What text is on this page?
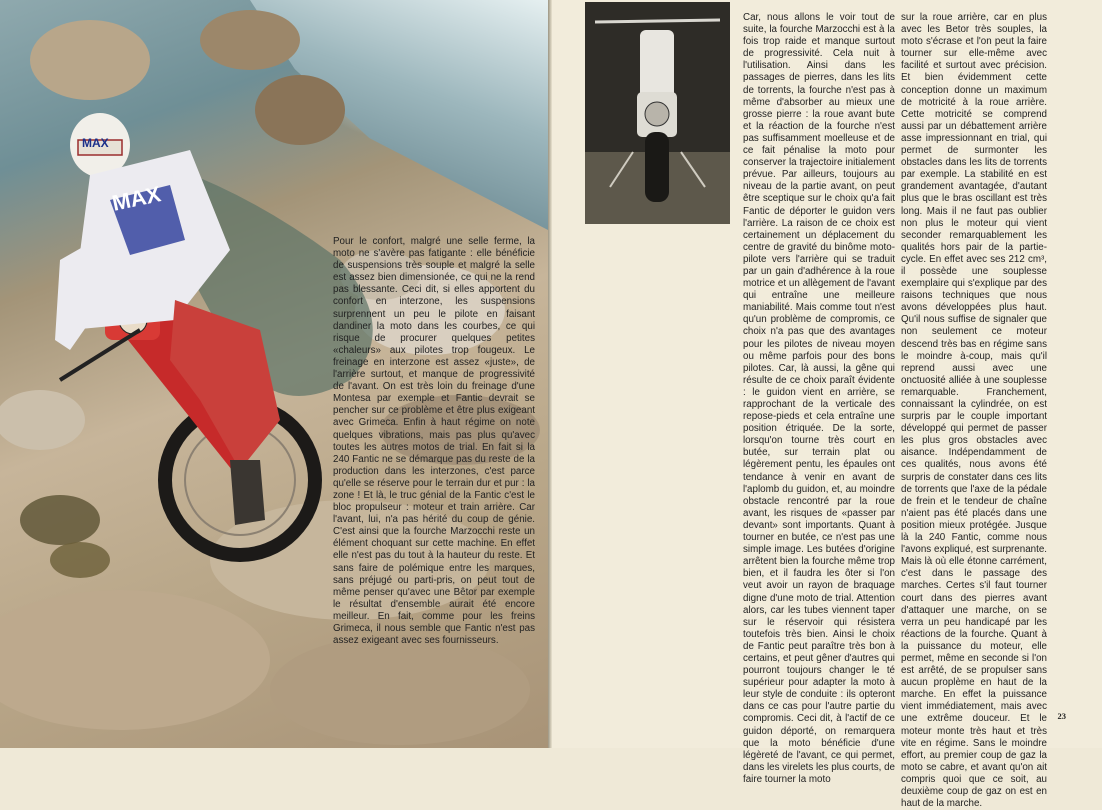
MAX
MAX

Pour le confort, malgré une selle ferme, la moto ne s'avère pas fatigante : elle bénéficie de suspensions très souple et malgré la selle est assez bien dimensionée, ce qui ne la rend pas blessante. Ceci dit, si elles apportent du confort en interzone, les suspensions surprennent un peu le pilote en faisant dandiner la moto dans les courbes, ce qui risque de procurer quelques petites «chaleurs» aux pilotes trop fougeux. Le freinage en interzone est assez «juste», de l'arrière surtout, et manque de progressivité de l'avant. On est très loin du freinage d'une Montesa par exemple et Fantic devrait se pencher sur ce problème et être plus exigeant avec Grimeca. Enfin à haut régime on note quelques vibrations, mais pas plus qu'avec toutes les autres motos de trial. En fait si la 240 Fantic ne se démarque pas du reste de la production dans les interzones, c'est parce qu'elle se réserve pour le terrain dur et pur : la zone ! Et là, le truc génial de la Fantic c'est le bloc propulseur : moteur et train arrière. Car l'avant, lui, n'a pas hérité du coup de génie. C'est ainsi que la fourche Marzocchi reste un élément choquant sur cette machine. En effet elle n'est pas du tout à la hauteur du reste. Et sans faire de polémique entre les marques, sans préjugé ou parti-pris, on peut tout de même penser qu'avec une Bêtor par exemple le résultat d'ensemble aurait été encore meilleur. En fait, comme pour les freins Grimeca, il nous semble que Fantic n'est pas assez exigeant avec ses fournisseurs.

Car, nous allons le voir tout de suite, la fourche Marzocchi est à la fois trop raide et manque surtout de progressivité. Cela nuit à l'utilisation. Ainsi dans les passages de pierres, dans les lits de torrents, la fourche n'est pas à même d'absorber au mieux une grosse pierre : la roue avant bute et la réaction de la fourche n'est pas suffisamment moelleuse et de ce fait pénalise la moto pour conserver la trajectoire initialement prévue. Par ailleurs, toujours au niveau de la partie avant, on peut être sceptique sur le choix qu'a fait Fantic de déporter le guidon vers l'arrière. La raison de ce choix est certainement un déplacement du centre de gravité du binôme moto-pilote vers l'arrière qui se traduit par un gain d'adhérence à la roue motrice et un allègement de l'avant qui entraîne une meilleure maniabilité. Mais comme tout n'est qu'un problème de compromis, ce choix n'a pas que des avantages pour les pilotes de niveau moyen ou même parfois pour des bons pilotes. Car, là aussi, la gêne qui résulte de ce choix paraît évidente : le guidon vient en arrière, se rapprochant de la verticale des repose-pieds et cela entraîne une position étriquée. De la sorte, lorsqu'on tourne très court en butée, sur terrain plat ou légèrement pentu, les épaules ont tendance à venir en avant de l'aplomb du guidon, et, au moindre obstacle rencontré par la roue avant, les risques de «passer par devant» sont importants. Quant à tourner en butée, ce n'est pas une simple image. Les butées d'origine arrêtent bien la fourche même trop bien, et il faudra les ôter si l'on veut avoir un rayon de braquage digne d'une moto de trial. Attention alors, car les tubes viennent taper sur le réservoir qui résistera toutefois très bien. Ainsi le choix de Fantic peut paraître très bon à certains, et peut gêner d'autres qui pourront toujours changer le té supérieur pour adapter la moto à leur style de conduite : ils opteront dans ce cas pour l'autre partie du compromis. Ceci dit, à l'actif de ce guidon déporté, on remarquera que la moto bénéficie d'une légèreté de l'avant, ce qui permet, dans les virelets les plus courts, de faire tourner la moto

sur la roue arrière, car en plus avec les Betor très souples, la moto s'écrase et l'on peut la faire tourner sur elle-même avec facilité et surtout avec précision. Et bien évidemment cette conception donne un maximum de motricité à la roue arrière. Cette motricité se comprend aussi par un débattement arrière asse impressionnant en trial, qui permet de surmonter les obstacles dans les lits de torrents par exemple. La stabilité en est grandement avantagée, d'autant plus que le bras oscillant est très long. Mais il ne faut pas oublier non plus le moteur qui vient seconder remarquablement les qualités hors pair de la partie-cycle. En effet avec ses 212 cm³, il possède une souplesse exemplaire qui s'explique par des raisons techniques que nous avons développées plus haut. Qu'il nous suffise de signaler que non seulement ce moteur descend très bas en régime sans le moindre à-coup, mais qu'il reprend aussi avec une onctuosité alliée à une souplesse remarquable. Franchement, connaissant la cylindrée, on est surpris par le couple important développé qui permet de passer les plus gros obstacles avec aisance. Indépendamment de ces qualités, nous avons été surpris de constater dans ces lits de torrents que l'axe de la pédale de frein et le tendeur de chaîne n'aient pas été placés dans une position mieux protégée. Jusque là la 240 Fantic, comme nous l'avons expliqué, est surprenante. Mais là où elle étonne carrément, c'est dans le passage des marches. Certes s'il faut tourner court dans des pierres avant d'attaquer une marche, on se verra un peu handicapé par les réactions de la fourche. Quant à la puissance du moteur, elle permet, même en seconde si l'on est arrêté, de se propulser sans aucun proplème en haut de la marche. En effet la puissance vient immédiatement, mais avec une extrême douceur. Et le moteur monte très haut et très vite en régime. Sans le moindre effort, au premier coup de gaz la moto se cabre, et avant qu'on ait compris quoi que ce soit, au deuxième coup de gaz on est en haut de la marche.

23
